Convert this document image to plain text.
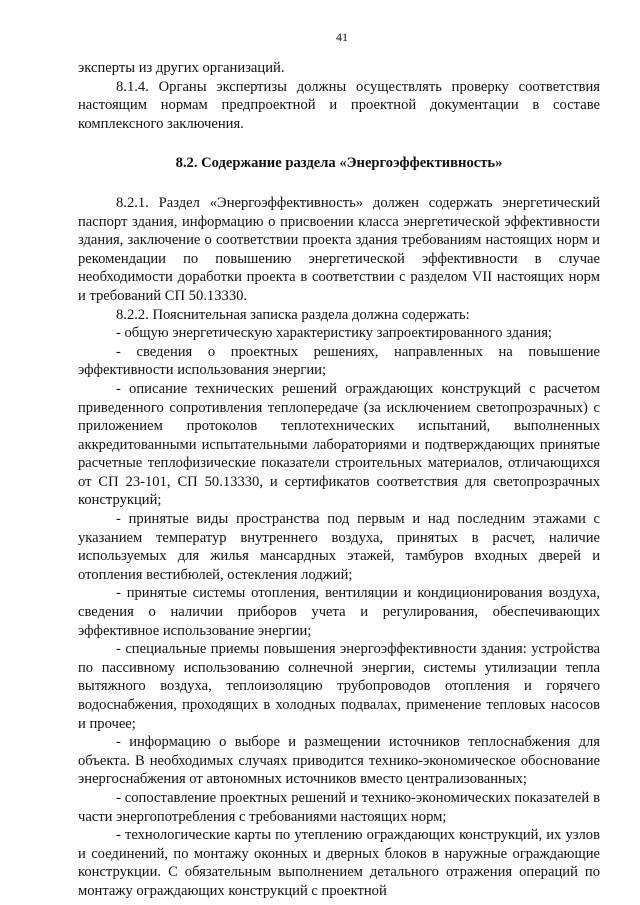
41

эксперты из других организаций.

8.1.4. Органы экспертизы должны осуществлять проверку соответствия настоящим нормам предпроектной и проектной документации в составе комплексного заключения.

8.2. Содержание раздела «Энергоэффективность»

8.2.1. Раздел «Энергоэффективность» должен содержать энергетический паспорт здания, информацию о присвоении класса энергетической эффективности здания, заключение о соответствии проекта здания требованиям настоящих норм и рекомендации по повышению энергетической эффективности в случае необходимости доработки проекта в соответствии с разделом VII настоящих норм и требований СП 50.13330.

8.2.2. Пояснительная записка раздела должна содержать:

- общую энергетическую характеристику запроектированного здания;

- сведения о проектных решениях, направленных на повышение эффективности использования энергии;

- описание технических решений ограждающих конструкций с расчетом приведенного сопротивления теплопередаче (за исключением светопрозрачных) с приложением протоколов теплотехнических испытаний, выполненных аккредитованными испытательными лабораториями и подтверждающих принятые расчетные теплофизические показатели строительных материалов, отличающихся от СП 23-101, СП 50.13330, и сертификатов соответствия для светопрозрачных конструкций;

- принятые виды пространства под первым и над последним этажами с указанием температур внутреннего воздуха, принятых в расчет, наличие используемых для жилья мансардных этажей, тамбуров входных дверей и отопления вестибюлей, остекления лоджий;

- принятые системы отопления, вентиляции и кондиционирования воздуха, сведения о наличии приборов учета и регулирования, обеспечивающих эффективное использование энергии;

- специальные приемы повышения энергоэффективности здания: устройства по пассивному использованию солнечной энергии, системы утилизации тепла вытяжного воздуха, теплоизоляцию трубопроводов отопления и горячего водоснабжения, проходящих в холодных подвалах, применение тепловых насосов и прочее;

- информацию о выборе и размещении источников теплоснабжения для объекта. В необходимых случаях приводится технико-экономическое обоснование энергоснабжения от автономных источников вместо централизованных;

- сопоставление проектных решений и технико-экономических показателей в части энергопотребления с требованиями настоящих норм;

- технологические карты по утеплению ограждающих конструкций, их узлов и соединений, по монтажу оконных и дверных блоков в наружные ограждающие конструкции. С обязательным выполнением детального отражения операций по монтажу ограждающих конструкций с проектной
